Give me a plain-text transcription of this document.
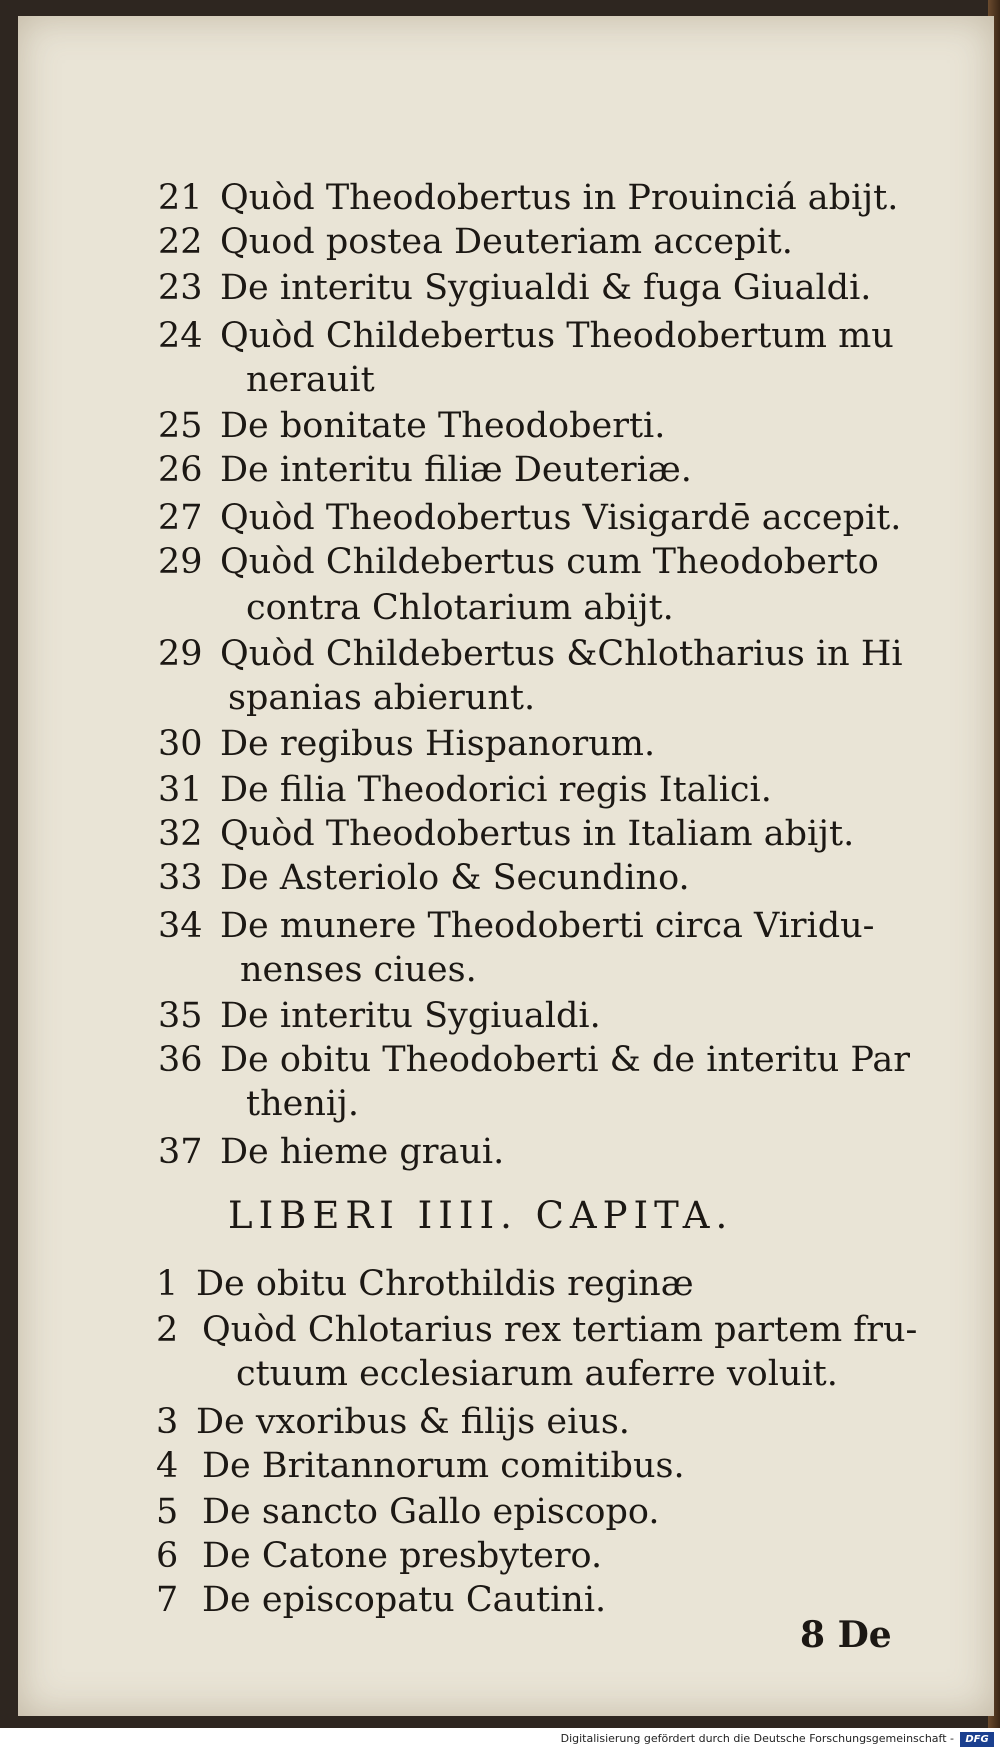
21 Quòd Theodobertus in Prouinciá abijt.
22 Quod postea Deuteriam accepit.
23 De interitu Sygiualdi & fuga Giualdi.
24 Quòd Childebertus Theodobertum mu
nerauit
25 De bonitate Theodoberti.
26 De interitu filiæ Deuteriæ.
27 Quòd Theodobertus Visigardē accepit.
29 Quòd Childebertus cum Theodoberto
contra Chlotarium abijt.
29 Quòd Childebertus &Chlotharius in Hi
spanias abierunt.
30 De regibus Hispanorum.
31 De filia Theodorici regis Italici.
32 Quòd Theodobertus in Italiam abijt.
33 De Asteriolo & Secundino.
34 De munere Theodoberti circa Viridu-
nenses ciues.
35 De interitu Sygiualdi.
36 De obitu Theodoberti & de interitu Par
thenij.
37 De hieme graui.
1 De obitu Chrothildis reginæ
2 Quòd Chlotarius rex tertiam partem fru-
ctuum ecclesiarum auferre voluit.
3 De vxoribus & filijs eius.
4 De Britannorum comitibus.
5 De sancto Gallo episcopo.
6 De Catone presbytero.
7 De episcopatu Cautini.
LIBERI IIII. CAPITA.
8 De
Digitalisierung gefördert durch die Deutsche Forschungsgemeinschaft -	DFG
